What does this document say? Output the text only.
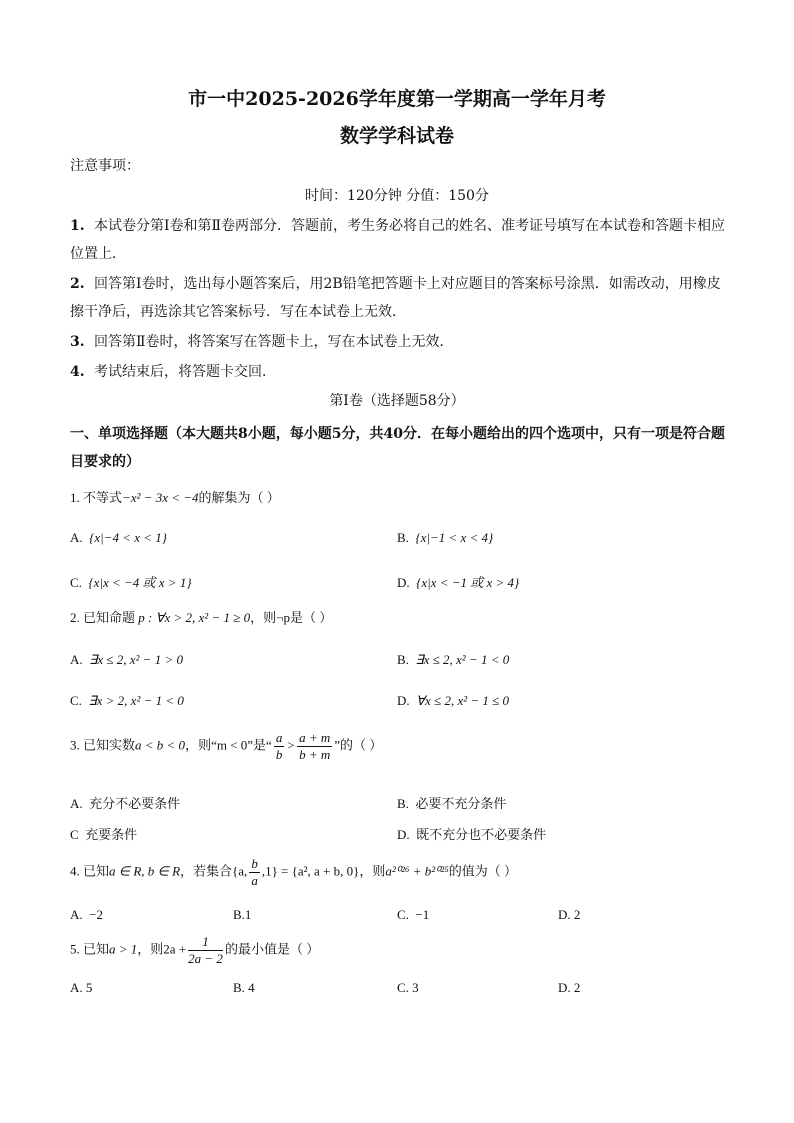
市一中2025-2026学年度第一学期高一学年月考
数学学科试卷
注意事项：
时间：120分钟 分值：150分
1. 本试卷分第Ⅰ卷和第Ⅱ卷两部分．答题前，考生务必将自己的姓名、准考证号填写在本试卷和答题卡相应位置上．
2. 回答第Ⅰ卷时，选出每小题答案后，用2B铅笔把答题卡上对应题目的答案标号涂黑．如需改动，用橡皮擦干净后，再选涂其它答案标号．写在本试卷上无效．
3. 回答第Ⅱ卷时，将答案写在答题卡上，写在本试卷上无效．
4. 考试结束后，将答题卡交回．
第Ⅰ卷（选择题58分）
一、单项选择题（本大题共8小题，每小题5分，共40分．在每小题给出的四个选项中，只有一项是符合题目要求的）
1. 不等式−x² − 3x < −4的解集为（ ）
A. {x|−4 < x < 1}	B. {x|−1 < x < 4}
C. {x|x < −4 或 x > 1}	D. {x|x < −1 或 x > 4}
2. 已知命题 p : ∀x > 2, x² − 1 ≥ 0，则¬p是（ ）
A. ∃x ≤ 2, x² − 1 > 0	B. ∃x ≤ 2, x² − 1 < 0
C. ∃x > 2, x² − 1 < 0	D. ∀x ≤ 2, x² − 1 ≤ 0
3. 已知实数a < b < 0，则“m < 0”是“ $\frac{a}{b} > \frac{a + m}{b + m}$ ”的（ ）
A. 充分不必要条件	B. 必要不充分条件
C 充要条件	D. 既不充分也不必要条件
4. 已知a ∈ R, b ∈ R，若集合{a, $\frac{b}{a} ,1\} = \{a^2$, a + b, 0}，则a²⁰²⁶ + b²⁰²⁵的值为（ ）
A. −2	B.1	C. −1	D. 2
5. 已知a > 1，则$2a + \frac{1}{2a - 2}$ 的最小值是（ ）
A. 5	B. 4	C. 3	D. 2
